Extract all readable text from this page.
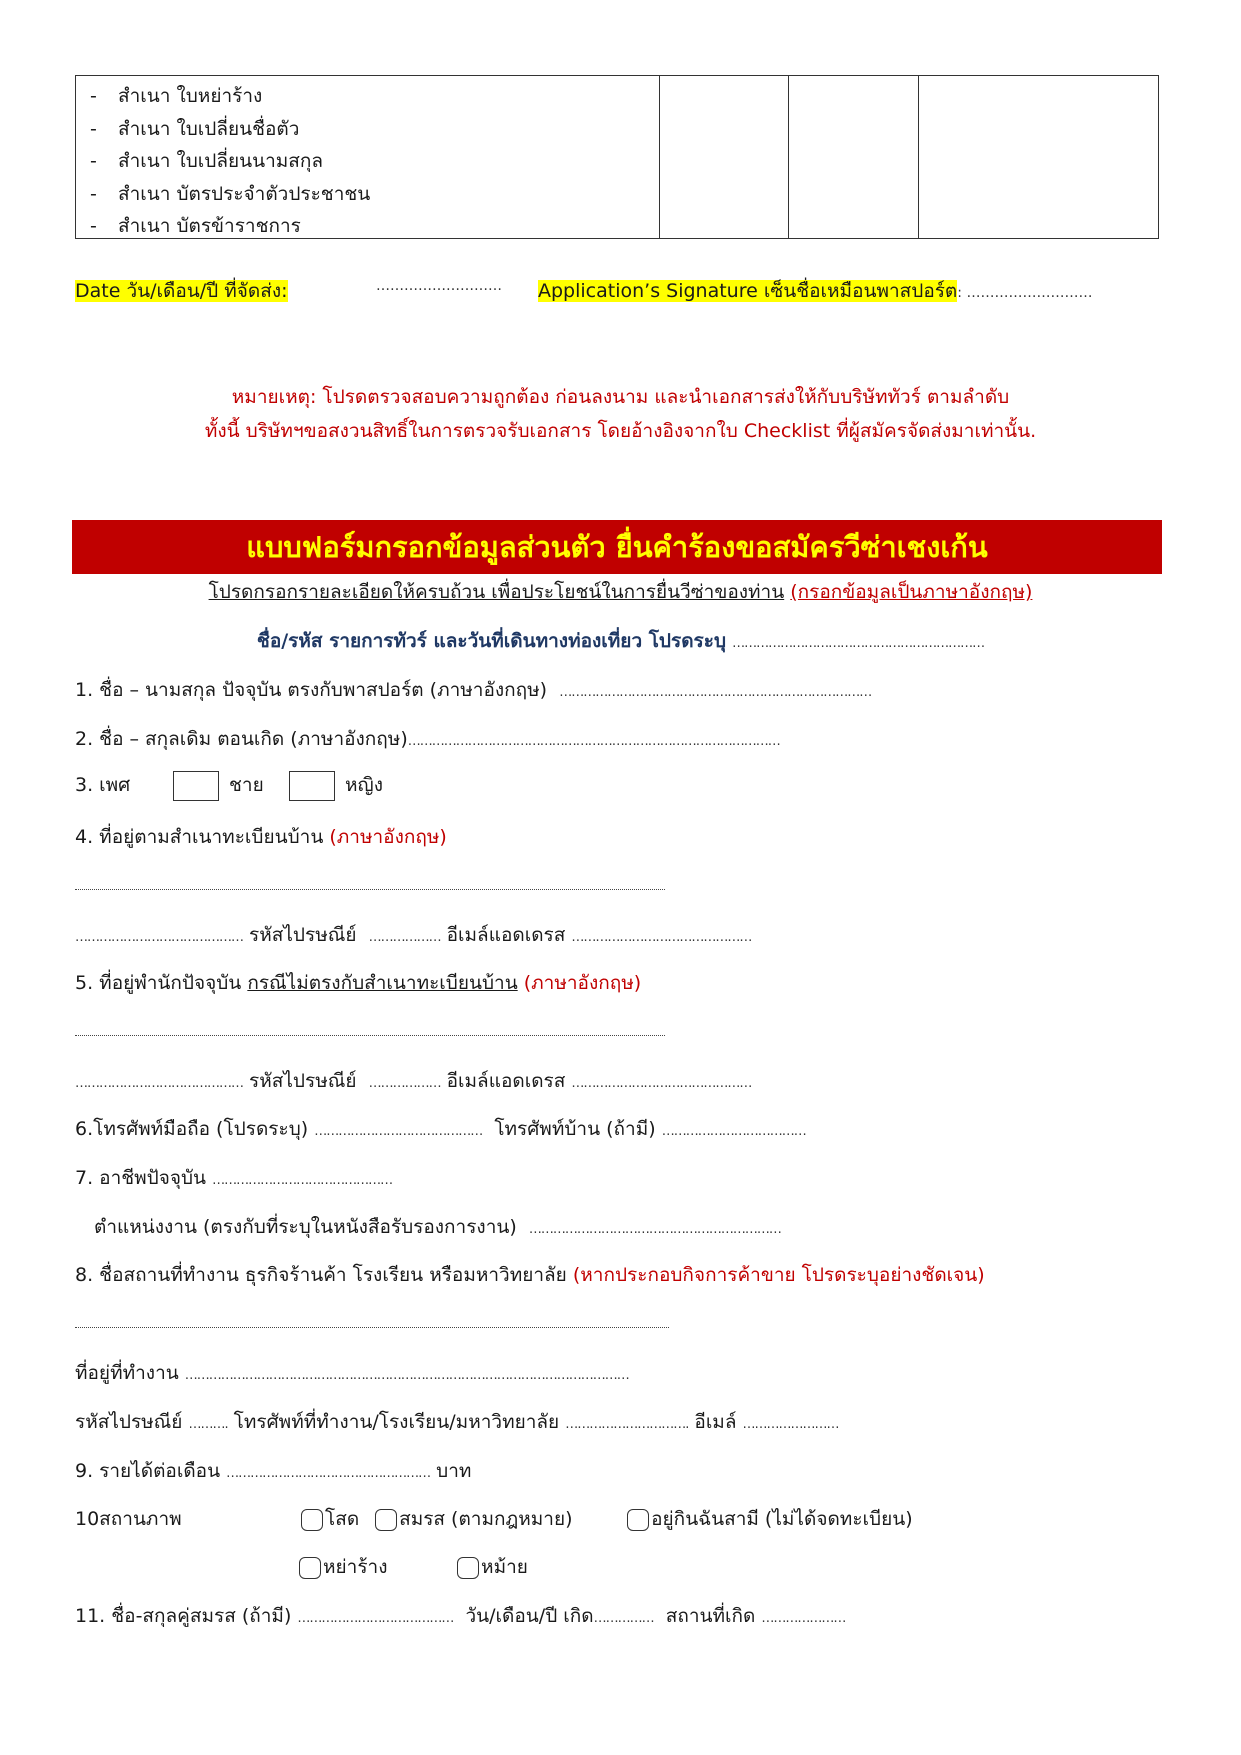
- สำเนา ใบหย่าร้าง
- สำเนา ใบเปลี่ยนชื่อตัว
- สำเนา ใบเปลี่ยนนามสกุล
- สำเนา บัตรประจำตัวประชาชน
- สำเนา บัตรข้าราชการ
Date วัน/เดือน/ปี ที่จัดส่ง:	……………………… Application’s Signature เซ็นชื่อเหมือนพาสปอร์ต: ………………………
หมายเหตุ: โปรดตรวจสอบความถูกต้อง ก่อนลงนาม และนำเอกสารส่งให้กับบริษัททัวร์ ตามลำดับ
ทั้งนี้ บริษัทฯขอสงวนสิทธิ์ในการตรวจรับเอกสาร โดยอ้างอิงจากใบ Checklist ที่ผู้สมัครจัดส่งมาเท่านั้น.
แบบฟอร์มกรอกข้อมูลส่วนตัว ยื่นคำร้องขอสมัครวีซ่าเชงเก้น
โปรดกรอกรายละเอียดให้ครบถ้วน เพื่อประโยชน์ในการยื่นวีซ่าของท่าน (กรอกข้อมูลเป็นภาษาอังกฤษ)
ชื่อ/รหัส รายการทัวร์ และวันที่เดินทางท่องเที่ยว โปรดระบุ ………………………………………………………
1. ชื่อ – นามสกุล ปัจจุบัน ตรงกับพาสปอร์ต (ภาษาอังกฤษ) ……………………………………………………………………
2. ชื่อ – สกุลเดิม ตอนเกิด (ภาษาอังกฤษ)…………………………………………………………………………………
3. เพศ	ชาย	หญิง
4. ที่อยู่ตามสำเนาทะเบียนบ้าน (ภาษาอังกฤษ)
…………………………………… รหัสไปรษณีย์ ……………… อีเมล์แอดเดรส ………………………………………
5. ที่อยู่พำนักปัจจุบัน กรณีไม่ตรงกับสำเนาทะเบียนบ้าน (ภาษาอังกฤษ)
…………………………………… รหัสไปรษณีย์ ……………… อีเมล์แอดเดรส ………………………………………
6.โทรศัพท์มือถือ (โปรดระบุ) …………………………………… โทรศัพท์บ้าน (ถ้ามี) ………………………………
7. อาชีพปัจจุบัน ………………………………………
ตำแหน่งงาน (ตรงกับที่ระบุในหนังสือรับรองการงาน) ………………………………………………………
8. ชื่อสถานที่ทำงาน ธุรกิจร้านค้า โรงเรียน หรือมหาวิทยาลัย (หากประกอบกิจการค้าขาย โปรดระบุอย่างชัดเจน)
ที่อยู่ที่ทำงาน …………………………………………………………………………………………………
รหัสไปรษณีย์ ………. โทรศัพท์ที่ทำงาน/โรงเรียน/มหาวิทยาลัย …………………………. อีเมล์ ……………………
9. รายได้ต่อเดือน …………………………………………… บาท
10สถานภาพ	โสด สมรส (ตามกฎหมาย)	อยู่กินฉันสามี (ไม่ได้จดทะเบียน)
หย่าร้าง	หม้าย
11. ชื่อ-สกุลคู่สมรส (ถ้ามี) ………………………………… วัน/เดือน/ปี เกิด…………… สถานที่เกิด …………………
